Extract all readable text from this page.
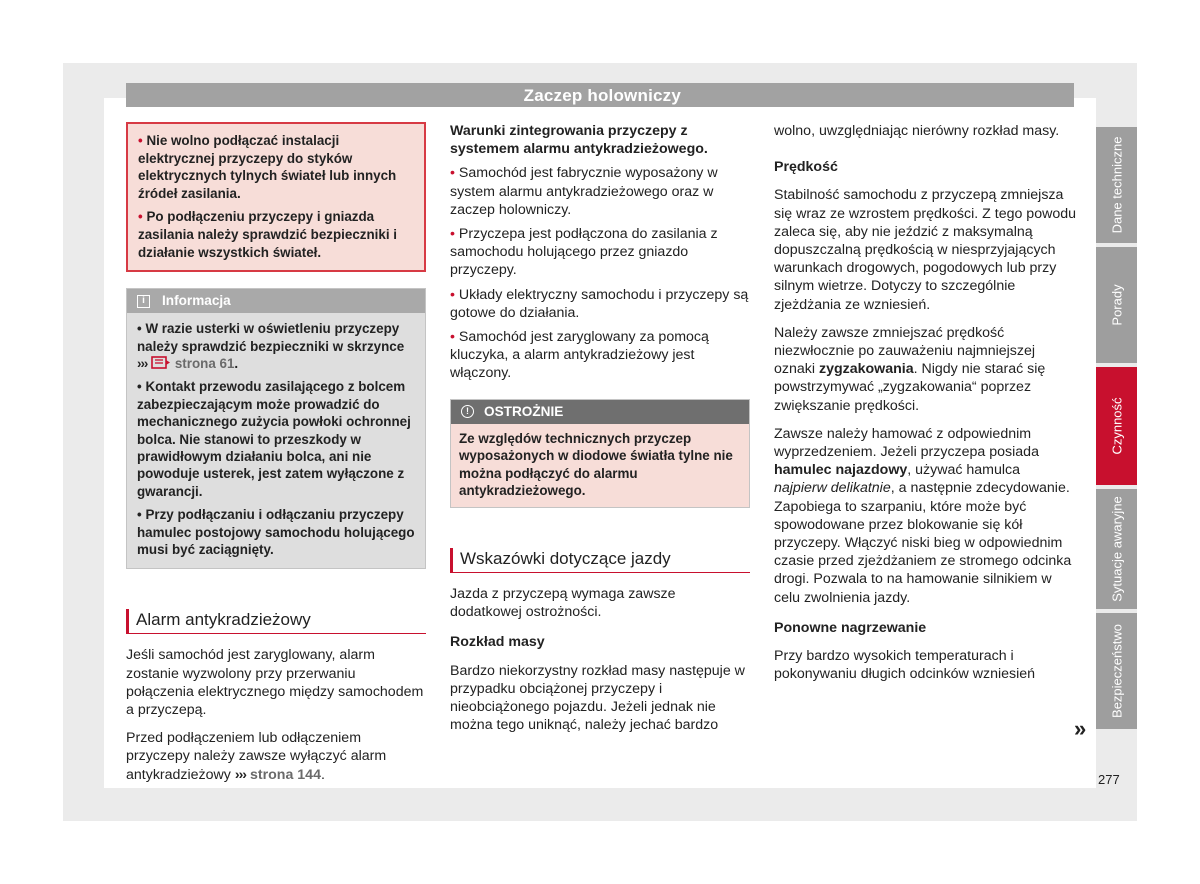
Zaczep holowniczy

• Nie wolno podłączać instalacji elektrycznej przyczepy do styków elektrycznych tylnych świateł lub innych źródeł zasilania.

• Po podłączeniu przyczepy i gniazda zasilania należy sprawdzić bezpieczniki i działanie wszystkich świateł.

i	Informacja

• W razie usterki w oświetleniu przyczepy należy sprawdzić bezpieczniki w skrzynce ››› strona 61.

• Kontakt przewodu zasilającego z bolcem zabezpieczającym może prowadzić do mechanicznego zużycia powłoki ochronnej bolca. Nie stanowi to przeszkody w prawidłowym działaniu bolca, ani nie powoduje usterek, jest zatem wyłączone z gwarancji.

• Przy podłączaniu i odłączaniu przyczepy hamulec postojowy samochodu holującego musi być zaciągnięty.

Alarm antykradzieżowy

Jeśli samochód jest zaryglowany, alarm zostanie wyzwolony przy przerwaniu połączenia elektrycznego między samochodem a przyczepą.

Przed podłączeniem lub odłączeniem przyczepy należy zawsze wyłączyć alarm antykradzieżowy ››› strona 144.

Warunki zintegrowania przyczepy z systemem alarmu antykradzieżowego.

• Samochód jest fabrycznie wyposażony w system alarmu antykradzieżowego oraz w zaczep holowniczy.

• Przyczepa jest podłączona do zasilania z samochodu holującego przez gniazdo przyczepy.

• Układy elektryczny samochodu i przyczepy są gotowe do działania.

• Samochód jest zaryglowany za pomocą kluczyka, a alarm antykradzieżowy jest włączony.

!	OSTROŻNIE
Ze względów technicznych przyczep wyposażonych w diodowe światła tylne nie można podłączyć do alarmu antykradzieżowego.
Wskazówki dotyczące jazdy

Jazda z przyczepą wymaga zawsze dodatkowej ostrożności.

Rozkład masy

Bardzo niekorzystny rozkład masy następuje w przypadku obciążonej przyczepy i nieobciążonego pojazdu. Jeżeli jednak nie można tego uniknąć, należy jechać bardzo

wolno, uwzględniając nierówny rozkład masy.

Prędkość

Stabilność samochodu z przyczepą zmniejsza się wraz ze wzrostem prędkości. Z tego powodu zaleca się, aby nie jeździć z maksymalną dopuszczalną prędkością w niesprzyjających warunkach drogowych, pogodowych lub przy silnym wietrze. Dotyczy to szczególnie zjeżdżania ze wzniesień.

Należy zawsze zmniejszać prędkość niezwłocznie po zauważeniu najmniejszej oznaki zygzakowania. Nigdy nie starać się powstrzymywać „zygzakowania“ poprzez zwiększanie prędkości.

Zawsze należy hamować z odpowiednim wyprzedzeniem. Jeżeli przyczepa posiada hamulec najazdowy, używać hamulca najpierw delikatnie, a następnie zdecydowanie. Zapobiega to szarpaniu, które może być spowodowane przez blokowanie się kół przyczepy. Włączyć niski bieg w odpowiednim czasie przed zjeżdżaniem ze stromego odcinka drogi. Pozwala to na hamowanie silnikiem w celu zwolnienia jazdy.

Ponowne nagrzewanie

Przy bardzo wysokich temperaturach i pokonywaniu długich odcinków wzniesień

»
Dane techniczne
Porady
Czynność
Sytuacje awaryjne
Bezpieczeństwo
277
